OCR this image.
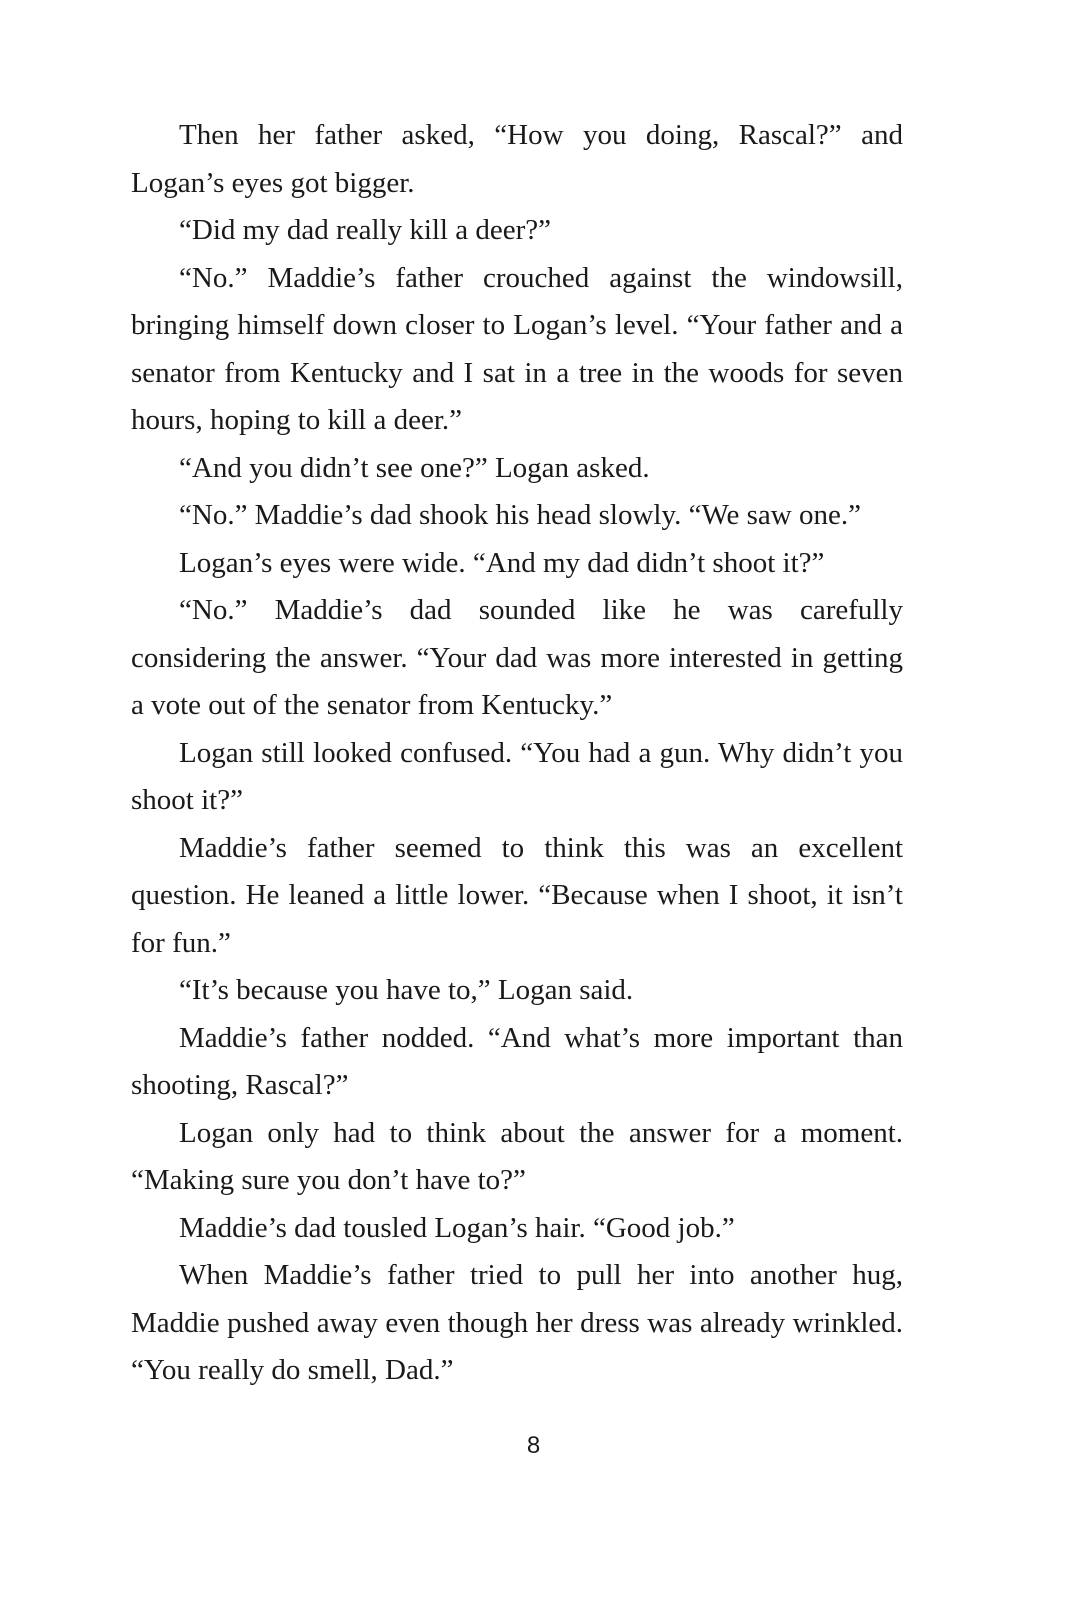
Then her father asked, “How you doing, Rascal?” and Logan’s eyes got bigger.

“Did my dad really kill a deer?”

“No.” Maddie’s father crouched against the windowsill, bringing himself down closer to Logan’s level. “Your father and a senator from Kentucky and I sat in a tree in the woods for seven hours, hoping to kill a deer.”

“And you didn’t see one?” Logan asked.

“No.” Maddie’s dad shook his head slowly. “We saw one.”

Logan’s eyes were wide. “And my dad didn’t shoot it?”

“No.” Maddie’s dad sounded like he was carefully considering the answer. “Your dad was more interested in getting a vote out of the senator from Kentucky.”

Logan still looked confused. “You had a gun. Why didn’t you shoot it?”

Maddie’s father seemed to think this was an excellent question. He leaned a little lower. “Because when I shoot, it isn’t for fun.”

“It’s because you have to,” Logan said.

Maddie’s father nodded. “And what’s more important than shooting, Rascal?”

Logan only had to think about the answer for a moment. “Making sure you don’t have to?”

Maddie’s dad tousled Logan’s hair. “Good job.”

When Maddie’s father tried to pull her into another hug, Maddie pushed away even though her dress was already wrinkled. “You really do smell, Dad.”

8
